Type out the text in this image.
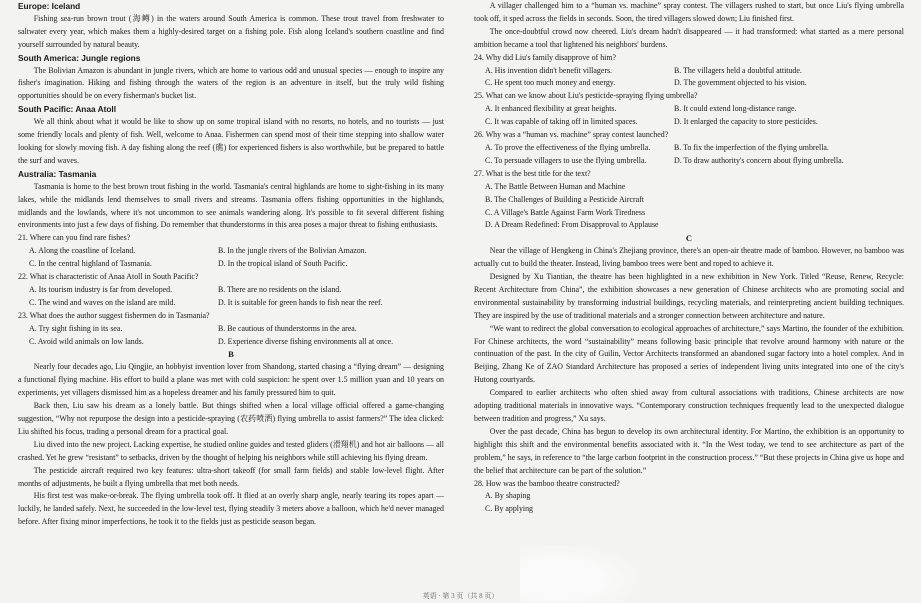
Europe: Iceland

Fishing sea-run brown trout (海鳟) in the waters around South America is common. These trout travel from freshwater to saltwater every year, which makes them a highly-desired target on a fishing pole. Fish along Iceland's southern coastline and find yourself surrounded by natural beauty.

South America: Jungle regions

The Bolivian Amazon is abundant in jungle rivers, which are home to various odd and unusual species — enough to inspire any fisher's imagination. Hiking and fishing through the waters of the region is an adventure in itself, but the truly wild fishing opportunities should be on every fisherman's bucket list.

South Pacific: Anaa Atoll

We all think about what it would be like to show up on some tropical island with no resorts, no hotels, and no tourists — just some friendly locals and plenty of fish. Well, welcome to Anaa. Fishermen can spend most of their time stepping into shallow water looking for slowly moving fish. A day fishing along the reef (礁) for experienced fishers is also worthwhile, but be prepared to battle the surf and waves.

Australia: Tasmania

Tasmania is home to the best brown trout fishing in the world. Tasmania's central highlands are home to sight-fishing in its many lakes, while the midlands lend themselves to small rivers and streams. Tasmania offers fishing opportunities in the highlands, midlands and the lowlands, where it's not uncommon to see animals wandering along. It's possible to fit several different fishing environments into just a few days of fishing. Do remember that thunderstorms in this area poses a major threat to fishing enthusiasts.

21. Where can you find rare fishes?

A. Along the coastline of Iceland.	B. In the jungle rivers of the Bolivian Amazon.
C. In the central highland of Tasmania.	D. In the tropical island of South Pacific.

22. What is characteristic of Anaa Atoll in South Pacific?

A. Its tourism industry is far from developed.	B. There are no residents on the island.
C. The wind and waves on the island are mild.	D. It is suitable for green hands to fish near the reef.

23. What does the author suggest fishermen do in Tasmania?

A. Try sight fishing in its sea.	B. Be cautious of thunderstorms in the area.
C. Avoid wild animals on low lands.	D. Experience diverse fishing environments all at once.

B

Nearly four decades ago, Liu Qingjie, an hobbyist invention lover from Shandong, started chasing a “flying dream” — designing a functional flying machine. His effort to build a plane was met with cold suspicion: he spent over 1.5 million yuan and 10 years on experiments, yet villagers dismissed him as a hopeless dreamer and his family pressured him to quit.

Back then, Liu saw his dream as a lonely battle. But things shifted when a local village official offered a game-changing suggestion, “Why not repurpose the design into a pesticide-spraying (农药喷洒) flying umbrella to assist farmers?” The idea clicked: Liu shifted his focus, trading a personal dream for a practical goal.

Liu dived into the new project. Lacking expertise, he studied online guides and tested gliders (滑翔机) and hot air balloons — all crashed. Yet he grew “resistant” to setbacks, driven by the thought of helping his neighbors while still achieving his flying dream.

The pesticide aircraft required two key features: ultra-short takeoff (for small farm fields) and stable low-level flight. After months of adjustments, he built a flying umbrella that met both needs.

His first test was make-or-break. The flying umbrella took off. It flied at an overly sharp angle, nearly tearing its ropes apart — luckily, he landed safely. Next, he succeeded in the low-level test, flying steadily 3 meters above a balloon, which he'd never managed before. After fixing minor imperfections, he took it to the fields just as pesticide season began.

A villager challenged him to a “human vs. machine” spray contest. The villagers rushed to start, but once Liu's flying umbrella took off, it sped across the fields in seconds. Soon, the tired villagers slowed down; Liu finished first.

The once-doubtful crowd now cheered. Liu's dream hadn't disappeared — it had transformed: what started as a mere personal ambition became a tool that lightened his neighbors' burdens.

24. Why did Liu's family disapprove of him?

A. His invention didn't benefit villagers.	B. The villagers held a doubtful attitude.
C. He spent too much money and energy.	D. The government objected to his vision.

25. What can we know about Liu's pesticide-spraying flying umbrella?

A. It enhanced flexibility at great heights.	B. It could extend long-distance range.
C. It was capable of taking off in limited spaces.	D. It enlarged the capacity to store pesticides.

26. Why was a “human vs. machine” spray contest launched?

A. To prove the effectiveness of the flying umbrella.	B. To fix the imperfection of the flying umbrella.
C. To persuade villagers to use the flying umbrella.	D. To draw authority's concern about flying umbrella.

27. What is the best title for the text?

A. The Battle Between Human and Machine

B. The Challenges of Building a Pesticide Aircraft

C. A Village's Battle Against Farm Work Tiredness

D. A Dream Redefined: From Disapproval to Applause

C

Near the village of Hengkeng in China's Zhejiang province, there's an open-air theatre made of bamboo. However, no bamboo was actually cut to build the theater. Instead, living bamboo trees were bent and roped to achieve it.

Designed by Xu Tiantian, the theatre has been highlighted in a new exhibition in New York. Titled “Reuse, Renew, Recycle: Recent Architecture from China”, the exhibition showcases a new generation of Chinese architects who are promoting social and environmental sustainability by transforming industrial buildings, recycling materials, and reinterpreting ancient building techniques. They are inspired by the use of traditional materials and a stronger connection between architecture and nature.

“We want to redirect the global conversation to ecological approaches of architecture,” says Martino, the founder of the exhibition. For Chinese architects, the word “sustainability” means following basic principle that revolve around harmony with nature or the continuation of the past. In the city of Guilin, Vector Architects transformed an abandoned sugar factory into a hotel complex. And in Beijing, Zhang Ke of ZAO Standard Architecture has proposed a series of independent living units integrated into one of the city's Hutong courtyards.

Compared to earlier architects who often shied away from cultural associations with traditions, Chinese architects are now adopting traditional materials in innovative ways. “Contemporary construction techniques frequently lead to the unexpected dialogue between tradition and progress,” Xu says.

Over the past decade, China has begun to develop its own architectural identity. For Martino, the exhibition is an opportunity to highlight this shift and the environmental benefits associated with it. “In the West today, we tend to see architecture as part of the problem,” he says, in reference to “the large carbon footprint in the construction process.” “But these projects in China give us hope and the belief that architecture can be part of the solution.”

28. How was the bamboo theatre constructed?

A. By shaping

C. By applying

英语 · 第 3 页（共 8 页）
